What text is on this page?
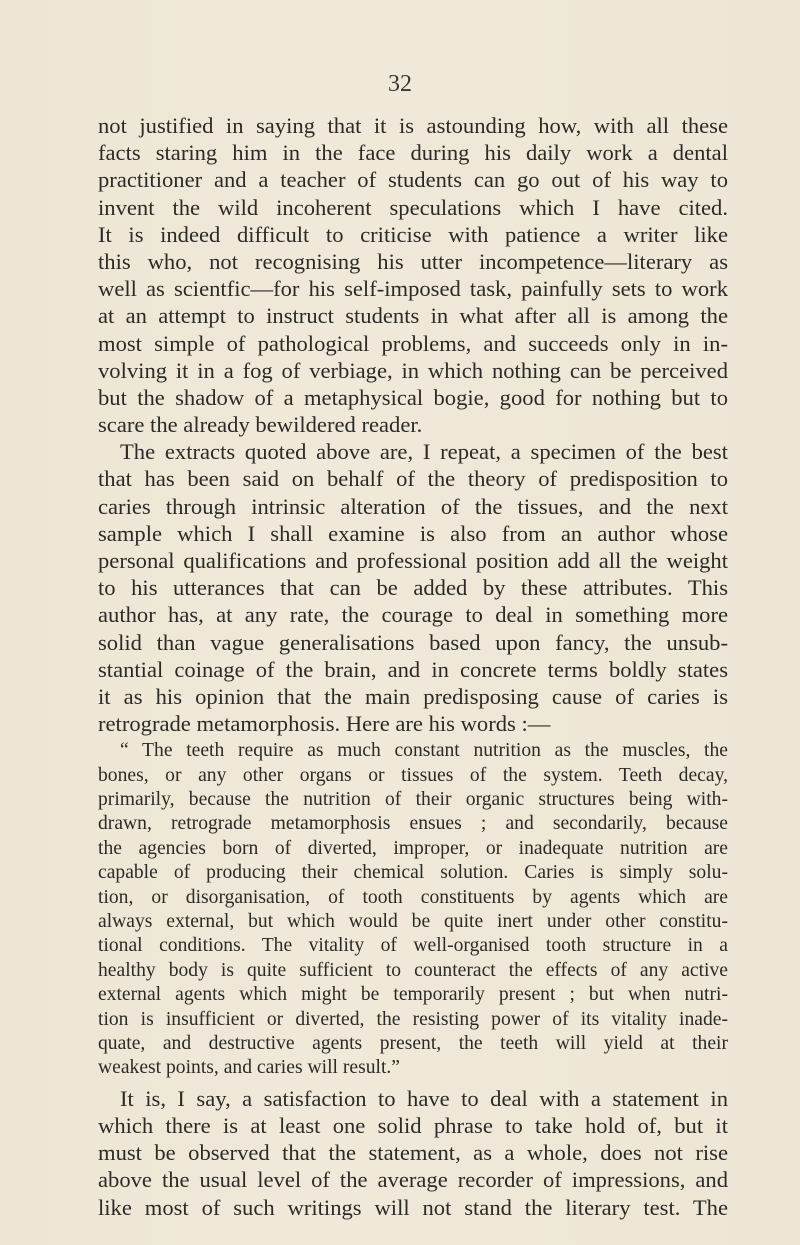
32
not justified in saying that it is astounding how, with all these
facts staring him in the face during his daily work a dental
practitioner and a teacher of students can go out of his way to
invent the wild incoherent speculations which I have cited.
It is indeed difficult to criticise with patience a writer like
this who, not recognising his utter incompetence—literary as
well as scientfic—for his self-imposed task, painfully sets to work
at an attempt to instruct students in what after all is among the
most simple of pathological problems, and succeeds only in in-
volving it in a fog of verbiage, in which nothing can be perceived
but the shadow of a metaphysical bogie, good for nothing but to
scare the already bewildered reader.
The extracts quoted above are, I repeat, a specimen of the best
that has been said on behalf of the theory of predisposition to
caries through intrinsic alteration of the tissues, and the next
sample which I shall examine is also from an author whose
personal qualifications and professional position add all the weight
to his utterances that can be added by these attributes. This
author has, at any rate, the courage to deal in something more
solid than vague generalisations based upon fancy, the unsub-
stantial coinage of the brain, and in concrete terms boldly states
it as his opinion that the main predisposing cause of caries is
retrograde metamorphosis. Here are his words :—
“ The teeth require as much constant nutrition as the muscles, the
bones, or any other organs or tissues of the system. Teeth decay,
primarily, because the nutrition of their organic structures being with-
drawn, retrograde metamorphosis ensues ; and secondarily, because
the agencies born of diverted, improper, or inadequate nutrition are
capable of producing their chemical solution. Caries is simply solu-
tion, or disorganisation, of tooth constituents by agents which are
always external, but which would be quite inert under other constitu-
tional conditions. The vitality of well-organised tooth structure in a
healthy body is quite sufficient to counteract the effects of any active
external agents which might be temporarily present ; but when nutri-
tion is insufficient or diverted, the resisting power of its vitality inade-
quate, and destructive agents present, the teeth will yield at their
weakest points, and caries will result.”
It is, I say, a satisfaction to have to deal with a statement in
which there is at least one solid phrase to take hold of, but it
must be observed that the statement, as a whole, does not rise
above the usual level of the average recorder of impressions, and
like most of such writings will not stand the literary test. The
